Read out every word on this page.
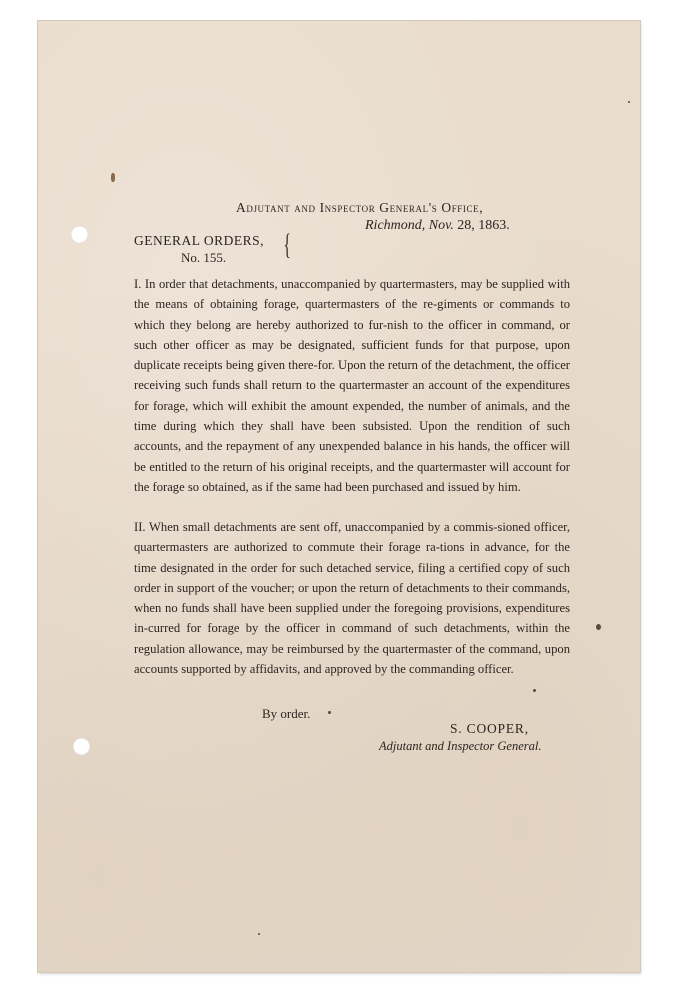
Adjutant and Inspector General's Office,
Richmond, Nov. 28, 1863.
GENERAL ORDERS,
No. 155. {

I. In order that detachments, unaccompanied by quartermasters, may be supplied with the means of obtaining forage, quartermasters of the re-giments or commands to which they belong are hereby authorized to fur-nish to the officer in command, or such other officer as may be designated, sufficient funds for that purpose, upon duplicate receipts being given there-for. Upon the return of the detachment, the officer receiving such funds shall return to the quartermaster an account of the expenditures for forage, which will exhibit the amount expended, the number of animals, and the time during which they shall have been subsisted. Upon the rendition of such accounts, and the repayment of any unexpended balance in his hands, the officer will be entitled to the return of his original receipts, and the quartermaster will account for the forage so obtained, as if the same had been purchased and issued by him.

II. When small detachments are sent off, unaccompanied by a commis-sioned officer, quartermasters are authorized to commute their forage ra-tions in advance, for the time designated in the order for such detached service, filing a certified copy of such order in support of the voucher; or upon the return of detachments to their commands, when no funds shall have been supplied under the foregoing provisions, expenditures in-curred for forage by the officer in command of such detachments, within the regulation allowance, may be reimbursed by the quartermaster of the command, upon accounts supported by affidavits, and approved by the commanding officer.

By order.
S. COOPER,
Adjutant and Inspector General.
